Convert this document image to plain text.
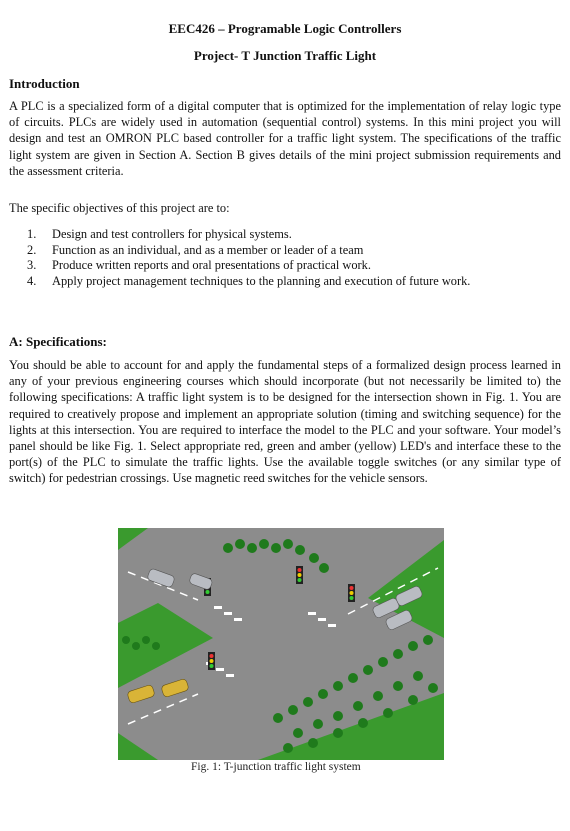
EEC426 – Programable Logic Controllers
Project- T Junction Traffic Light
Introduction
A PLC is a specialized form of a digital computer that is optimized for the implementation of relay logic type of circuits. PLCs are widely used in automation (sequential control) systems. In this mini project you will design and test an OMRON PLC based controller for a traffic light system. The specifications of the traffic light system are given in Section A. Section B gives details of the mini project submission requirements and the assessment criteria.
The specific objectives of this project are to:
1.	Design and test controllers for physical systems.
2.	Function as an individual, and as a member or leader of a team
3.	Produce written reports and oral presentations of practical work.
4.	Apply project management techniques to the planning and execution of future work.
A: Specifications:
You should be able to account for and apply the fundamental steps of a formalized design process learned in any of your previous engineering courses which should incorporate (but not necessarily be limited to) the following specifications: A traffic light system is to be designed for the intersection shown in Fig. 1. You are required to creatively propose and implement an appropriate solution (timing and switching sequence) for the lights at this intersection. You are required to interface the model to the PLC and your software. Your model’s panel should be like Fig. 1. Select appropriate red, green and amber (yellow) LED's and interface these to the port(s) of the PLC to simulate the traffic lights. Use the available toggle switches (or any similar type of switch) for pedestrian crossings. Use magnetic reed switches for the vehicle sensors.
Fig. 1: T-junction traffic light system
